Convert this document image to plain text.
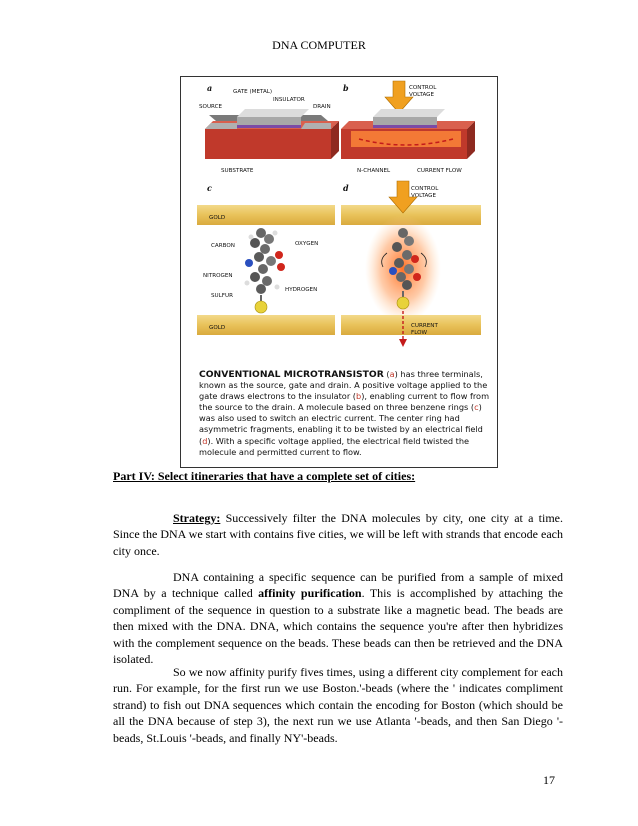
DNA COMPUTER
a	GATE (METAL)
INSULATOR
SOURCE	DRAIN
SUBSTRATE
b	CONTROL
VOLTAGE
N-CHANNEL	CURRENT FLOW
c
GOLD
CARBON	OXYGEN
NITROGEN
HYDROGEN
SULFUR
GOLD
d	CONTROL
VOLTAGE
CURRENT
FLOW
CONVENTIONAL MICROTRANSISTOR (a) has three terminals, known as the source, gate and drain. A positive voltage applied to the gate draws electrons to the insulator (b), enabling current to flow from the source to the drain. A molecule based on three benzene rings (c) was also used to switch an electric current. The center ring had asymmetric fragments, enabling it to be twisted by an electrical field (d). With a specific voltage applied, the electrical field twisted the molecule and permitted current to flow.
Part IV: Select itineraries that have a complete set of cities:
Strategy: Successively filter the DNA molecules by city, one city at a time. Since the DNA we start with contains five cities, we will be left with strands that encode each city once.
DNA containing a specific sequence can be purified from a sample of mixed DNA by a technique called affinity purification. This is accomplished by attaching the compliment of the sequence in question to a substrate like a magnetic bead. The beads are then mixed with the DNA. DNA, which contains the sequence you're after then hybridizes with the complement sequence on the beads. These beads can then be retrieved and the DNA isolated.
So we now affinity purify fives times, using a different city complement for each run. For example, for the first run we use Boston.'-beads (where the ' indicates compliment strand) to fish out DNA sequences which contain the encoding for Boston (which should be all the DNA because of step 3), the next run we use Atlanta '-beads, and then San Diego '-beads, St.Louis '-beads, and finally NY'-beads.
17
